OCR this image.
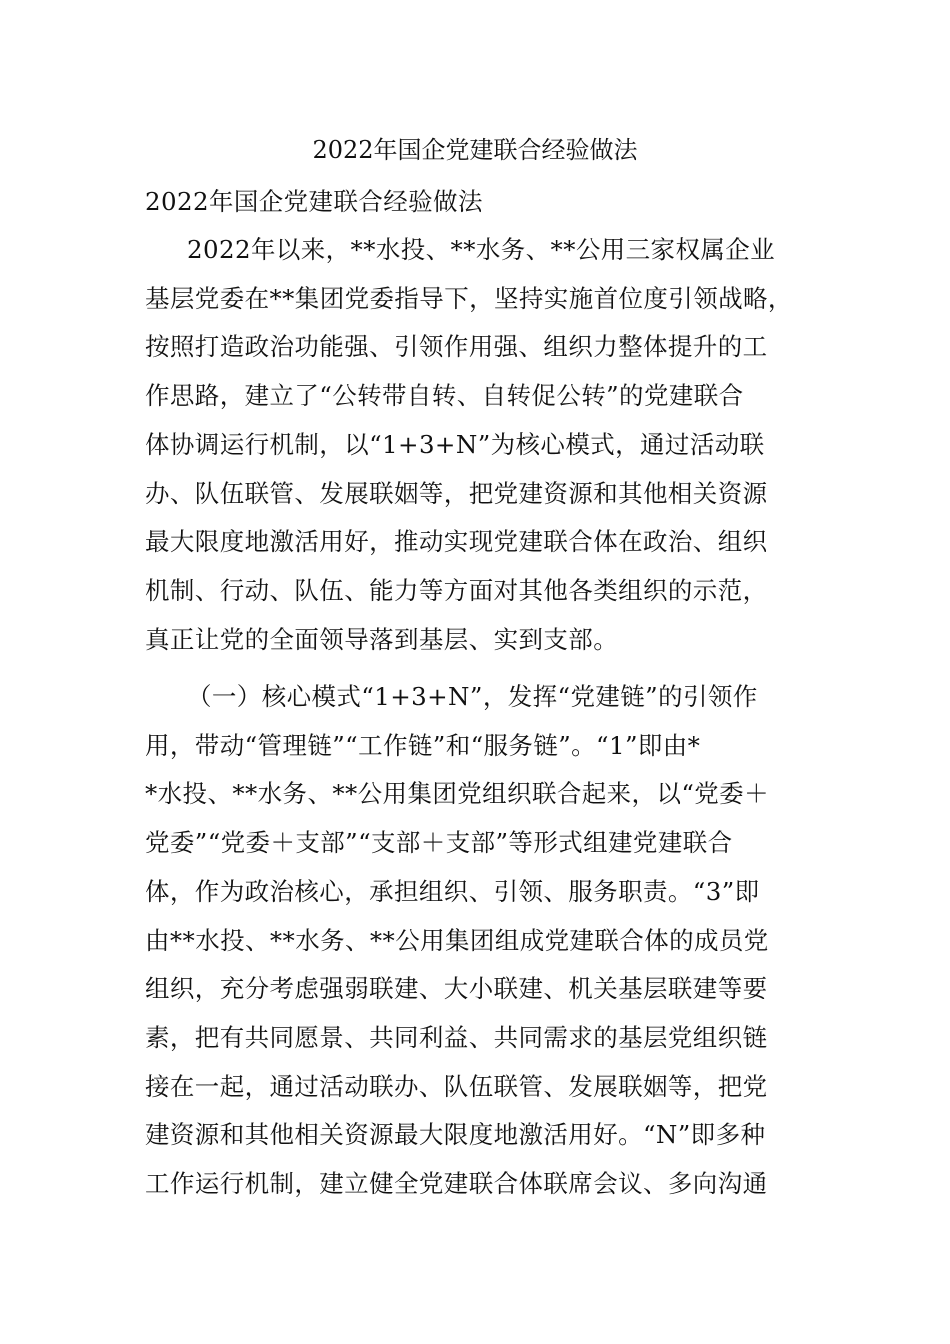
2022年国企党建联合经验做法
2022年国企党建联合经验做法
2022年以来，**水投、**水务、**公用三家权属企业
基层党委在**集团党委指导下，坚持实施首位度引领战略，
按照打造政治功能强、引领作用强、组织力整体提升的工
作思路，建立了“公转带自转、自转促公转”的党建联合
体协调运行机制，以“1+3+N”为核心模式，通过活动联
办、队伍联管、发展联姻等，把党建资源和其他相关资源
最大限度地激活用好，推动实现党建联合体在政治、组织
机制、行动、队伍、能力等方面对其他各类组织的示范，
真正让党的全面领导落到基层、实到支部。
（一）核心模式“1+3+N”，发挥“党建链”的引领作
用，带动“管理链”“工作链”和“服务链”。“1”即由*
*水投、**水务、**公用集团党组织联合起来，以“党委＋
党委”“党委＋支部”“支部＋支部”等形式组建党建联合
体，作为政治核心，承担组织、引领、服务职责。“3”即
由**水投、**水务、**公用集团组成党建联合体的成员党
组织，充分考虑强弱联建、大小联建、机关基层联建等要
素，把有共同愿景、共同利益、共同需求的基层党组织链
接在一起，通过活动联办、队伍联管、发展联姻等，把党
建资源和其他相关资源最大限度地激活用好。“N”即多种
工作运行机制，建立健全党建联合体联席会议、多向沟通
